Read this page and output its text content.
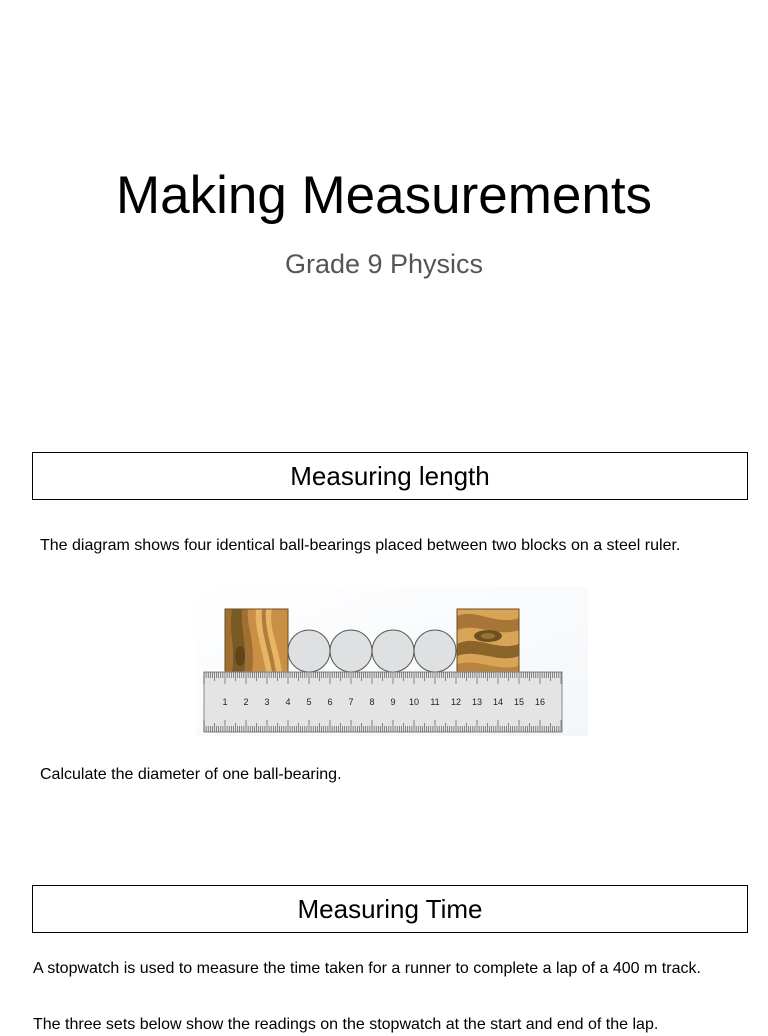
Making Measurements
Grade 9 Physics
Measuring length
The diagram shows four identical ball-bearings placed between two blocks on a steel ruler.
1 2 3 4 5 6 7 8 9 10 11 12 13 14 15 16
Calculate the diameter of one ball-bearing.
Measuring Time
A stopwatch is used to measure the time taken for a runner to complete a lap of a 400 m track.
The three sets below show the readings on the stopwatch at the start and end of the lap.
